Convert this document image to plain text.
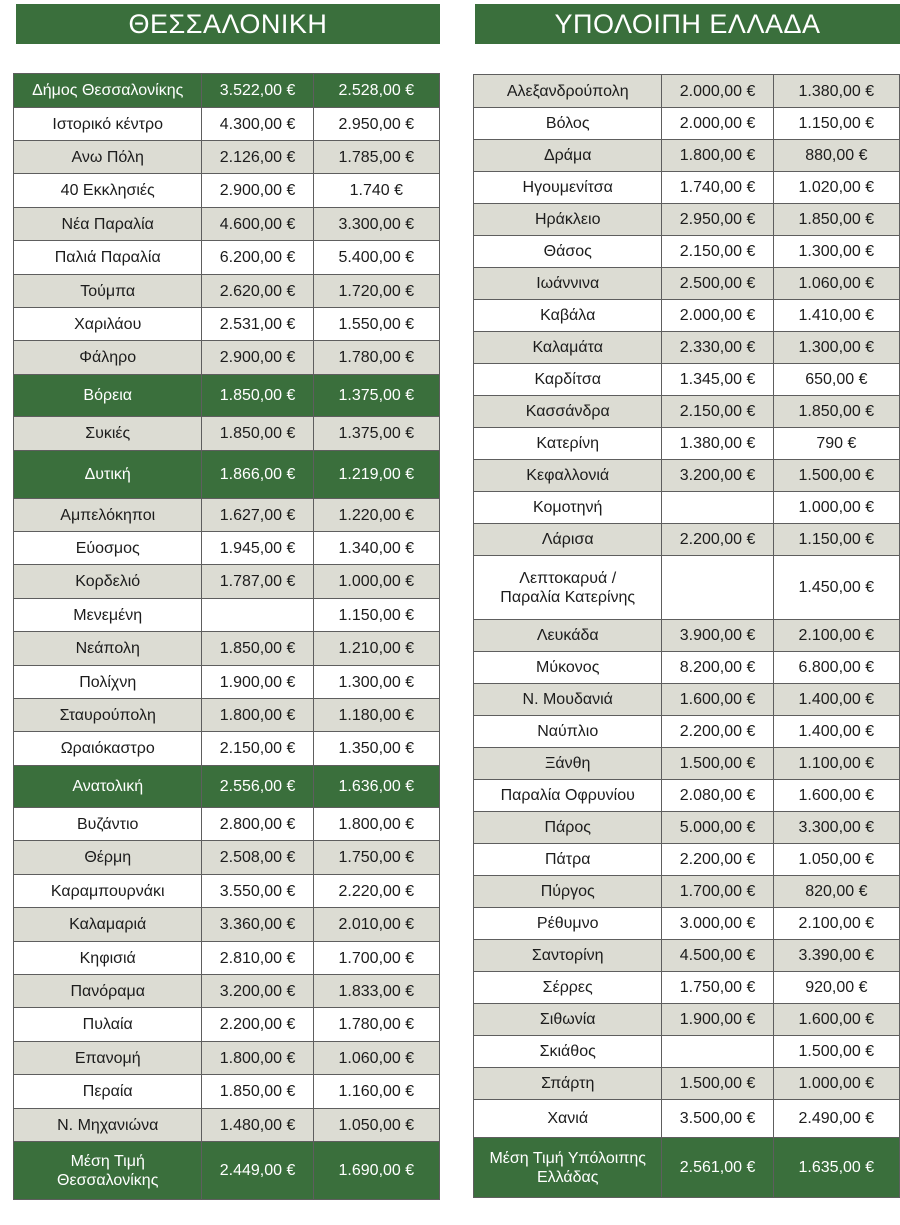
ΘΕΣΣΑΛΟΝΙΚΗ
Δήμος Θεσσαλονίκης	3.522,00 €	2.528,00 €
Ιστορικό κέντρο	4.300,00 €	2.950,00 €
Ανω Πόλη	2.126,00 €	1.785,00 €
40 Εκκλησιές	2.900,00 €	1.740 €
Νέα Παραλία	4.600,00 €	3.300,00 €
Παλιά Παραλία	6.200,00 €	5.400,00 €
Τούμπα	2.620,00 €	1.720,00 €
Χαριλάου	2.531,00 €	1.550,00 €
Φάληρο	2.900,00 €	1.780,00 €
Βόρεια	1.850,00 €	1.375,00 €
Συκιές	1.850,00 €	1.375,00 €
Δυτική	1.866,00 €	1.219,00 €
Αμπελόκηποι	1.627,00 €	1.220,00 €
Εύοσμος	1.945,00 €	1.340,00 €
Κορδελιό	1.787,00 €	1.000,00 €
Μενεμένη		1.150,00 €
Νεάπολη	1.850,00 €	1.210,00 €
Πολίχνη	1.900,00 €	1.300,00 €
Σταυρούπολη	1.800,00 €	1.180,00 €
Ωραιόκαστρο	2.150,00 €	1.350,00 €
Ανατολική	2.556,00 €	1.636,00 €
Βυζάντιο	2.800,00 €	1.800,00 €
Θέρμη	2.508,00 €	1.750,00 €
Καραμπουρνάκι	3.550,00 €	2.220,00 €
Καλαμαριά	3.360,00 €	2.010,00 €
Κηφισιά	2.810,00 €	1.700,00 €
Πανόραμα	3.200,00 €	1.833,00 €
Πυλαία	2.200,00 €	1.780,00 €
Επανομή	1.800,00 €	1.060,00 €
Περαία	1.850,00 €	1.160,00 €
Ν. Μηχανιώνα	1.480,00 €	1.050,00 €
Μέση Τιμή
Θεσσαλονίκης	2.449,00 €	1.690,00 €
ΥΠΟΛΟΙΠΗ ΕΛΛΑΔΑ
Αλεξανδρούπολη	2.000,00 €	1.380,00 €
Βόλος	2.000,00 €	1.150,00 €
Δράμα	1.800,00 €	880,00 €
Ηγουμενίτσα	1.740,00 €	1.020,00 €
Ηράκλειο	2.950,00 €	1.850,00 €
Θάσος	2.150,00 €	1.300,00 €
Ιωάννινα	2.500,00 €	1.060,00 €
Καβάλα	2.000,00 €	1.410,00 €
Καλαμάτα	2.330,00 €	1.300,00 €
Καρδίτσα	1.345,00 €	650,00 €
Κασσάνδρα	2.150,00 €	1.850,00 €
Κατερίνη	1.380,00 €	790 €
Κεφαλλονιά	3.200,00 €	1.500,00 €
Κομοτηνή		1.000,00 €
Λάρισα	2.200,00 €	1.150,00 €
Λεπτοκαρυά /
Παραλία Κατερίνης		1.450,00 €
Λευκάδα	3.900,00 €	2.100,00 €
Μύκονος	8.200,00 €	6.800,00 €
Ν. Μουδανιά	1.600,00 €	1.400,00 €
Ναύπλιο	2.200,00 €	1.400,00 €
Ξάνθη	1.500,00 €	1.100,00 €
Παραλία Οφρυνίου	2.080,00 €	1.600,00 €
Πάρος	5.000,00 €	3.300,00 €
Πάτρα	2.200,00 €	1.050,00 €
Πύργος	1.700,00 €	820,00 €
Ρέθυμνο	3.000,00 €	2.100,00 €
Σαντορίνη	4.500,00 €	3.390,00 €
Σέρρες	1.750,00 €	920,00 €
Σιθωνία	1.900,00 €	1.600,00 €
Σκιάθος		1.500,00 €
Σπάρτη	1.500,00 €	1.000,00 €
Χανιά	3.500,00 €	2.490,00 €
Μέση Τιμή Υπόλοιπης
Ελλάδας	2.561,00 €	1.635,00 €
